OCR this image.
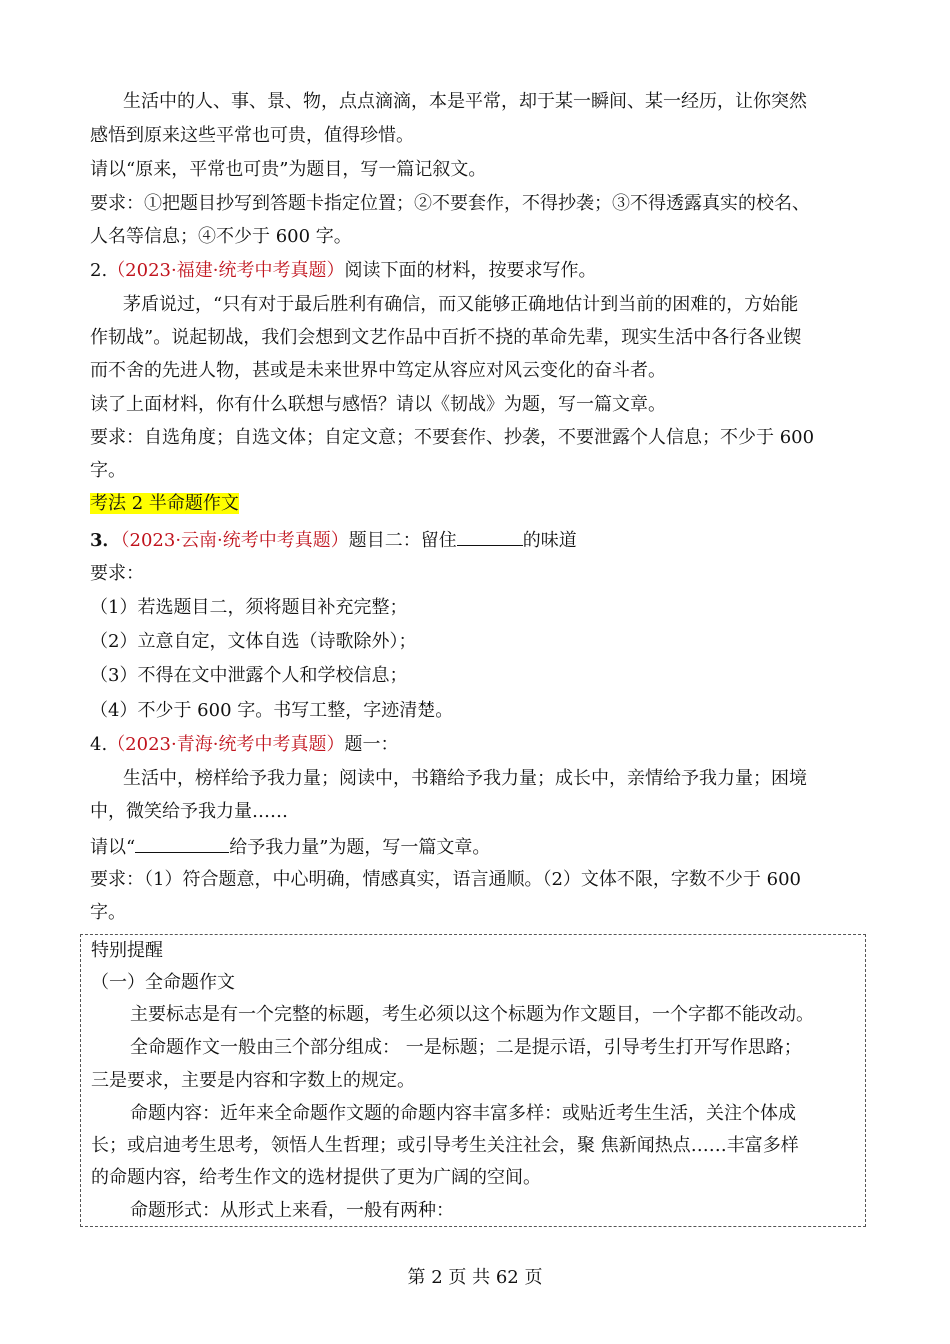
生活中的人、事、景、物，点点滴滴，本是平常，却于某一瞬间、某一经历，让你突然
感悟到原来这些平常也可贵，值得珍惜。
请以“原来，平常也可贵”为题目，写一篇记叙文。
要求：①把题目抄写到答题卡指定位置；②不要套作，不得抄袭；③不得透露真实的校名、
人名等信息；④不少于 600 字。
2.（2023·福建·统考中考真题）阅读下面的材料，按要求写作。
茅盾说过，“只有对于最后胜利有确信，而又能够正确地估计到当前的困难的，方始能
作韧战”。说起韧战，我们会想到文艺作品中百折不挠的革命先辈，现实生活中各行各业锲
而不舍的先进人物，甚或是未来世界中笃定从容应对风云变化的奋斗者。
读了上面材料，你有什么联想与感悟？请以《韧战》为题，写一篇文章。
要求：自选角度；自选文体；自定文意；不要套作、抄袭，不要泄露个人信息；不少于 600
字。
考法 2 半命题作文
3．（2023·云南·统考中考真题）题目二：留住	的味道
要求：
（1）若选题目二，须将题目补充完整；
（2）立意自定，文体自选（诗歌除外）；
（3）不得在文中泄露个人和学校信息；
（4）不少于 600 字。书写工整，字迹清楚。
4.（2023·青海·统考中考真题）题一：
生活中，榜样给予我力量；阅读中，书籍给予我力量；成长中，亲情给予我力量；困境
中，微笑给予我力量……
请以“	给予我力量”为题，写一篇文章。
要求：（1）符合题意，中心明确，情感真实，语言通顺。（2）文体不限，字数不少于 600
字。
特别提醒
（一）全命题作文
主要标志是有一个完整的标题，考生必须以这个标题为作文题目，一个字都不能改动。
全命题作文一般由三个部分组成： 一是标题；二是提示语，引导考生打开写作思路；
三是要求，主要是内容和字数上的规定。
命题内容：近年来全命题作文题的命题内容丰富多样：或贴近考生生活，关注个体成
长；或启迪考生思考，领悟人生哲理；或引导考生关注社会，聚 焦新闻热点……丰富多样
的命题内容，给考生作文的选材提供了更为广阔的空间。
命题形式：从形式上来看，一般有两种：
第 2 页 共 62 页
